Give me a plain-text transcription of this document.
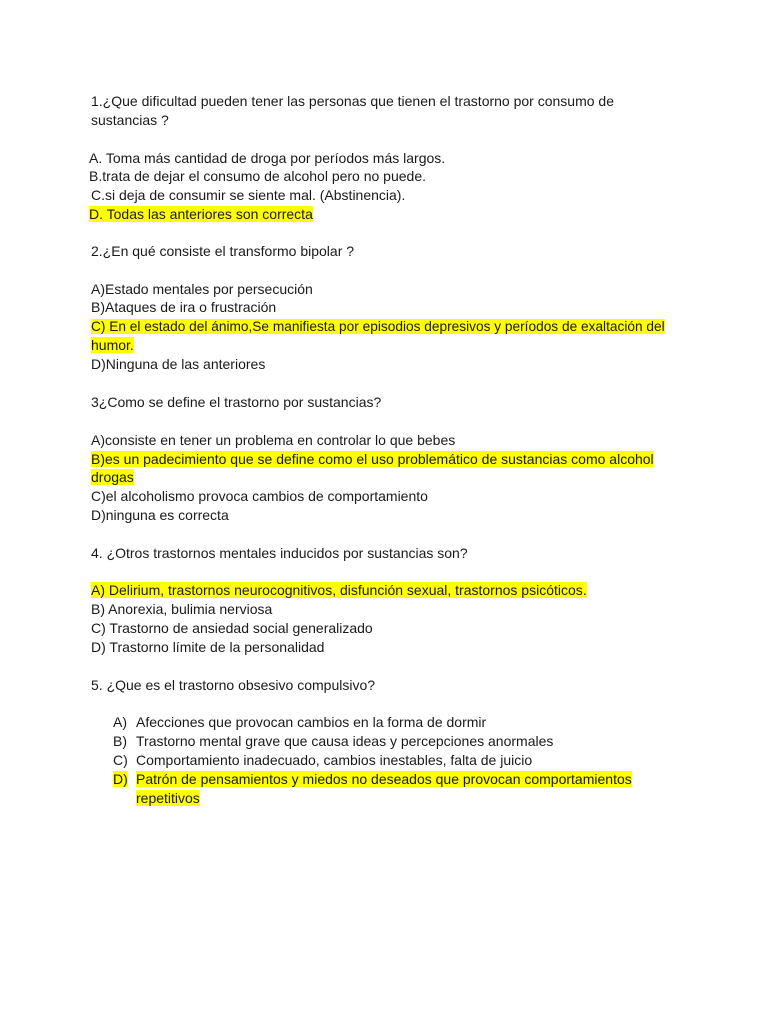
1.¿Que dificultad pueden tener las personas que tienen el trastorno por consumo de
sustancias ?
A. Toma más cantidad de droga por períodos más largos.
B.trata de dejar el consumo de alcohol pero no puede.
C.si deja de consumir se siente mal. (Abstinencia).
D. Todas las anteriores son correcta
2.¿En qué consiste el transformo bipolar ?
A)Estado mentales por persecución
B)Ataques de ira o frustración
C) En el estado del ánimo,Se manifiesta por episodios depresivos y períodos de exaltación del
humor.
D)Ninguna de las anteriores
3¿Como se define el trastorno por sustancias?
A)consiste en tener un problema en controlar lo que bebes
B)es un padecimiento que se define como el uso problemático de sustancias como alcohol
drogas
C)el alcoholismo provoca cambios de comportamiento
D)ninguna es correcta
4. ¿Otros trastornos mentales inducidos por sustancias son?
A) Delirium, trastornos neurocognitivos, disfunción sexual, trastornos psicóticos.
B) Anorexia, bulimia nerviosa
C) Trastorno de ansiedad social generalizado
D) Trastorno límite de la personalidad
5. ¿Que es el trastorno obsesivo compulsivo?
A) Afecciones que provocan cambios en la forma de dormir
B) Trastorno mental grave que causa ideas y percepciones anormales
C) Comportamiento inadecuado, cambios inestables, falta de juicio
D) Patrón de pensamientos y miedos no deseados que provocan comportamientos
repetitivos
